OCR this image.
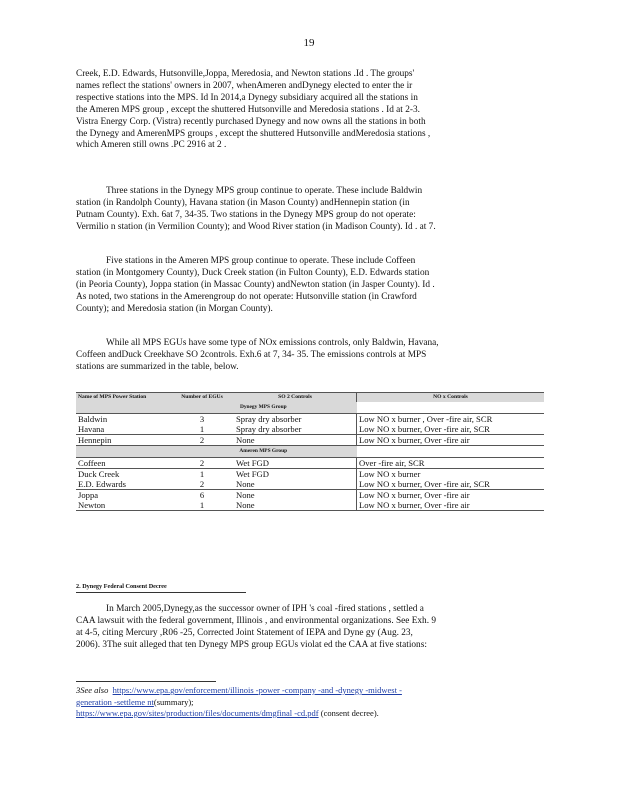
19

Creek, E.D. Edwards, Hutsonville,Joppa, Meredosia, and Newton stations .Id . The groups'
names reflect the stations' owners in 2007, whenAmeren andDynegy elected to enter the ir
respective stations into the MPS. Id In 2014,a Dynegy subsidiary acquired all the stations in
the Ameren MPS group , except the shuttered Hutsonville and Meredosia stations . Id at 2-3.
Vistra Energy Corp. (Vistra) recently purchased Dynegy and now owns all the stations in both
the Dynegy and AmerenMPS groups , except the shuttered Hutsonville andMeredosia stations ,
which Ameren still owns .PC 2916 at 2 .

Three stations in the Dynegy MPS group continue to operate. These include Baldwin
station (in Randolph County), Havana station (in Mason County) andHennepin station (in
Putnam County). Exh. 6at 7, 34-35. Two stations in the Dynegy MPS group do not operate:
Vermilio n station (in Vermilion County); and Wood River station (in Madison County). Id . at 7.

Five stations in the Ameren MPS group continue to operate. These include Coffeen
station (in Montgomery County), Duck Creek station (in Fulton County), E.D. Edwards station
(in Peoria County), Joppa station (in Massac County) andNewton station (in Jasper County). Id .
As noted, two stations in the Amerengroup do not operate: Hutsonville station (in Crawford
County); and Meredosia station (in Morgan County).

While all MPS EGUs have some type of NOx emissions controls, only Baldwin, Havana,
Coffeen andDuck Creekhave SO 2controls. Exh.6 at 7, 34- 35. The emissions controls at MPS
stations are summarized in the table, below.

Name of MPS Power Station	Number of EGUs	SO 2 Controls	NO x Controls
	Dynegy MPS Group		
Baldwin	3	Spray dry absorber	Low NO x burner , Over -fire air, SCR
Havana	1	Spray dry absorber	Low NO x burner, Over -fire air, SCR
Hennepin	2	None	Low NO x burner, Over -fire air
	Ameren MPS Group		
Coffeen	2	Wet FGD	Over -fire air, SCR
Duck Creek	1	Wet FGD	Low NO x burner
E.D. Edwards	2	None	Low NO x burner, Over -fire air, SCR
Joppa	6	None	Low NO x burner, Over -fire air
Newton	1	None	Low NO x burner, Over -fire air
2. Dynegy Federal Consent Decree

In March 2005,Dynegy,as the successor owner of IPH 's coal -fired stations , settled a
CAA lawsuit with the federal government, Illinois , and environmental organizations. See Exh. 9
at 4-5, citing Mercury ,R06 -25, Corrected Joint Statement of IEPA and Dyne gy (Aug. 23,
2006). 3The suit alleged that ten Dynegy MPS group EGUs violat ed the CAA at five stations:

3See also https://www.epa.gov/enforcement/illinois -power -company -and -dynegy -midwest -
generation -settleme nt(summary);
https://www.epa.gov/sites/production/files/documents/dmgfinal -cd.pdf (consent decree).
